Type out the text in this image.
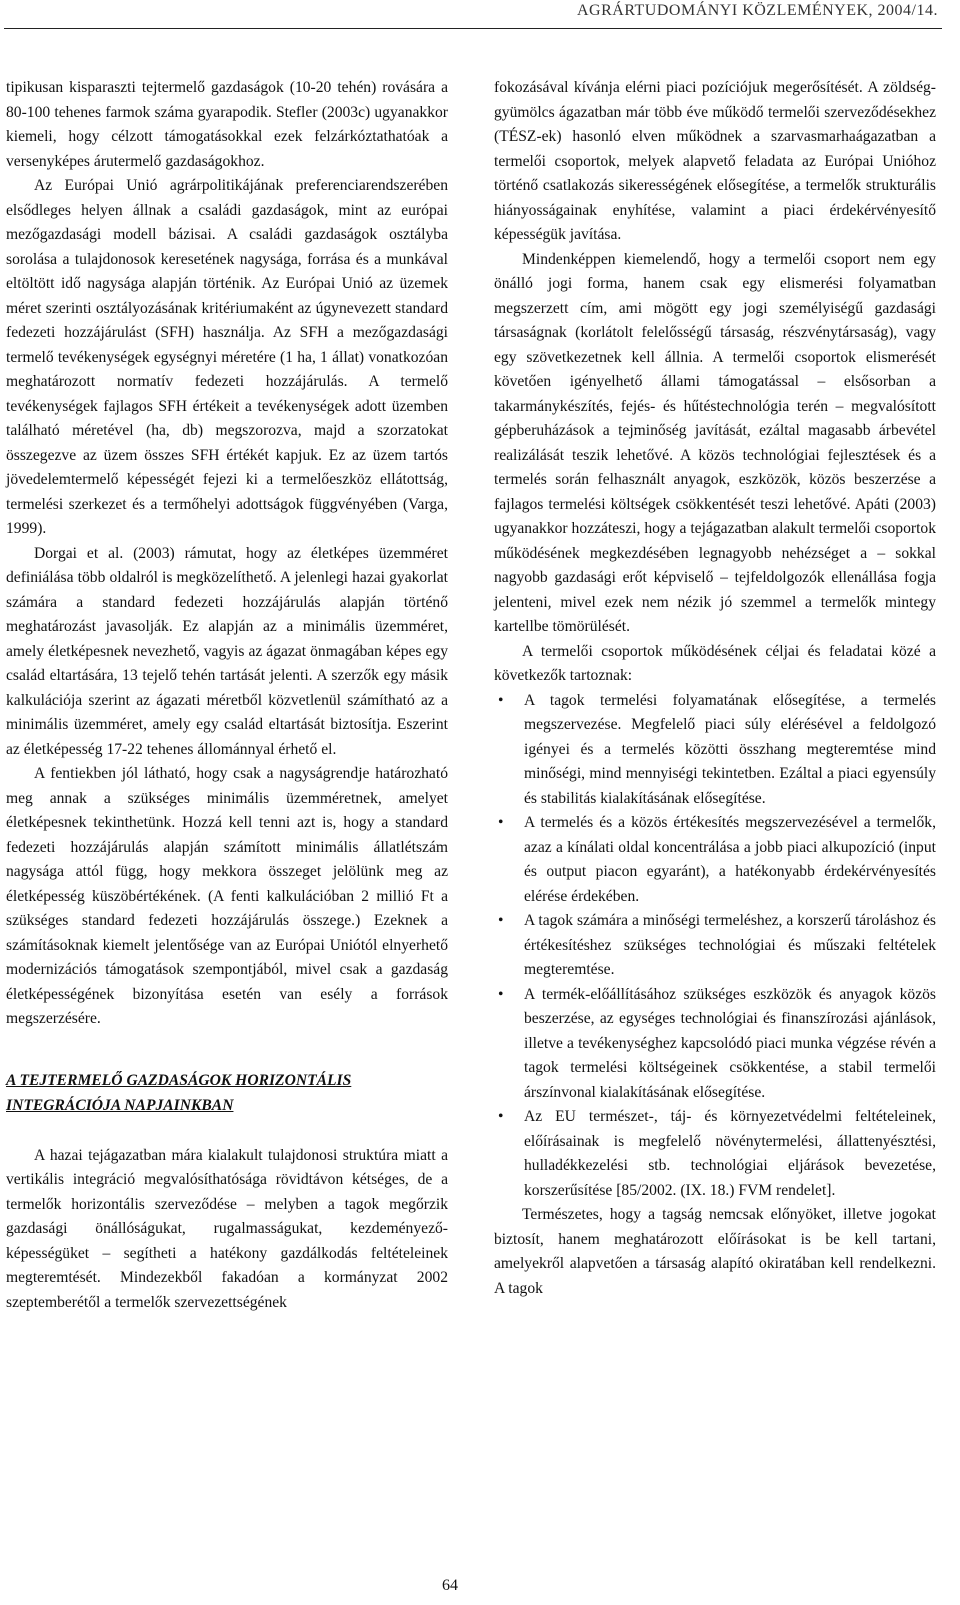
AGRÁRTUDOMÁNYI KÖZLEMÉNYEK, 2004/14.

tipikusan kisparaszti tejtermelő gazdaságok (10-20 tehén) rovására a 80-100 tehenes farmok száma gyarapodik. Stefler (2003c) ugyanakkor kiemeli, hogy célzott támogatásokkal ezek felzárkóztathatóak a versenyképes árutermelő gazdaságokhoz.

Az Európai Unió agrárpolitikájának preferenciarendszerében elsődleges helyen állnak a családi gazdaságok, mint az európai mezőgazdasági modell bázisai. A családi gazdaságok osztályba sorolása a tulajdonosok keresetének nagysága, forrása és a munkával eltöltött idő nagysága alapján történik. Az Európai Unió az üzemek méret szerinti osztályozásának kritériumaként az úgynevezett standard fedezeti hozzájárulást (SFH) használja. Az SFH a mezőgazdasági termelő tevékenységek egységnyi méretére (1 ha, 1 állat) vonatkozóan meghatározott normatív fedezeti hozzájárulás. A termelő tevékenységek fajlagos SFH értékeit a tevékenységek adott üzemben található méretével (ha, db) megszorozva, majd a szorzatokat összegezve az üzem összes SFH értékét kapjuk. Ez az üzem tartós jövedelemtermelő képességét fejezi ki a termelőeszköz ellátottság, termelési szerkezet és a termőhelyi adottságok függvényében (Varga, 1999).

Dorgai et al. (2003) rámutat, hogy az életképes üzemméret definiálása több oldalról is megközelíthető. A jelenlegi hazai gyakorlat számára a standard fedezeti hozzájárulás alapján történő meghatározást javasolják. Ez alapján az a minimális üzemméret, amely életképesnek nevezhető, vagyis az ágazat önmagában képes egy család eltartására, 13 tejelő tehén tartását jelenti. A szerzők egy másik kalkulációja szerint az ágazati méretből közvetlenül számítható az a minimális üzemméret, amely egy család eltartását biztosítja. Eszerint az életképesség 17-22 tehenes állománnyal érhető el.

A fentiekben jól látható, hogy csak a nagyságrendje határozható meg annak a szükséges minimális üzemméretnek, amelyet életképesnek tekinthetünk. Hozzá kell tenni azt is, hogy a standard fedezeti hozzájárulás alapján számított minimális állatlétszám nagysága attól függ, hogy mekkora összeget jelölünk meg az életképesség küszöbértékének. (A fenti kalkulációban 2 millió Ft a szükséges standard fedezeti hozzájárulás összege.) Ezeknek a számításoknak kiemelt jelentősége van az Európai Uniótól elnyerhető modernizációs támogatások szempontjából, mivel csak a gazdaság életképességének bizonyítása esetén van esély a források megszerzésére.

A TEJTERMELŐ GAZDASÁGOK HORIZONTÁLIS INTEGRÁCIÓJA NAPJAINKBAN

A hazai tejágazatban mára kialakult tulajdonosi struktúra miatt a vertikális integráció megvalósíthatósága rövidtávon kétséges, de a termelők horizontális szerveződése – melyben a tagok megőrzik gazdasági önállóságukat, rugalmasságukat, kezdeményező-képességüket – segítheti a hatékony gazdálkodás feltételeinek megteremtését. Mindezekből fakadóan a kormányzat 2002 szeptemberétől a termelők szervezettségének

fokozásával kívánja elérni piaci pozíciójuk megerősítését. A zöldség-gyümölcs ágazatban már több éve működő termelői szerveződésekhez (TÉSZ-ek) hasonló elven működnek a szarvasmarhaágazatban a termelői csoportok, melyek alapvető feladata az Európai Unióhoz történő csatlakozás sikerességének elősegítése, a termelők strukturális hiányosságainak enyhítése, valamint a piaci érdekérvényesítő képességük javítása.

Mindenképpen kiemelendő, hogy a termelői csoport nem egy önálló jogi forma, hanem csak egy elismerési folyamatban megszerzett cím, ami mögött egy jogi személyiségű gazdasági társaságnak (korlátolt felelősségű társaság, részvénytársaság), vagy egy szövetkezetnek kell állnia. A termelői csoportok elismerését követően igényelhető állami támogatással – elsősorban a takarmánykészítés, fejés- és hűtéstechnológia terén – megvalósított gépberuházások a tejminőség javítását, ezáltal magasabb árbevétel realizálását teszik lehetővé. A közös technológiai fejlesztések és a termelés során felhasznált anyagok, eszközök, közös beszerzése a fajlagos termelési költségek csökkentését teszi lehetővé. Apáti (2003) ugyanakkor hozzáteszi, hogy a tejágazatban alakult termelői csoportok működésének megkezdésében legnagyobb nehézséget a – sokkal nagyobb gazdasági erőt képviselő – tejfeldolgozók ellenállása fogja jelenteni, mivel ezek nem nézik jó szemmel a termelők mintegy kartellbe tömörülését.

A termelői csoportok működésének céljai és feladatai közé a következők tartoznak:

• A tagok termelési folyamatának elősegítése, a termelés megszervezése. Megfelelő piaci súly elérésével a feldolgozó igényei és a termelés közötti összhang megteremtése mind minőségi, mind mennyiségi tekintetben. Ezáltal a piaci egyensúly és stabilitás kialakításának elősegítése.
• A termelés és a közös értékesítés megszervezésével a termelők, azaz a kínálati oldal koncentrálása a jobb piaci alkupozíció (input és output piacon egyaránt), a hatékonyabb érdekérvényesítés elérése érdekében.
• A tagok számára a minőségi termeléshez, a korszerű tároláshoz és értékesítéshez szükséges technológiai és műszaki feltételek megteremtése.
• A termék-előállításához szükséges eszközök és anyagok közös beszerzése, az egységes technológiai és finanszírozási ajánlások, illetve a tevékenységhez kapcsolódó piaci munka végzése révén a tagok termelési költségeinek csökkentése, a stabil termelői árszínvonal kialakításának elősegítése.
• Az EU természet-, táj- és környezetvédelmi feltételeinek, előírásainak is megfelelő növénytermelési, állattenyésztési, hulladékkezelési stb. technológiai eljárások bevezetése, korszerűsítése [85/2002. (IX. 18.) FVM rendelet].

Természetes, hogy a tagság nemcsak előnyöket, illetve jogokat biztosít, hanem meghatározott előírásokat is be kell tartani, amelyekről alapvetően a társaság alapító okiratában kell rendelkezni. A tagok

64
